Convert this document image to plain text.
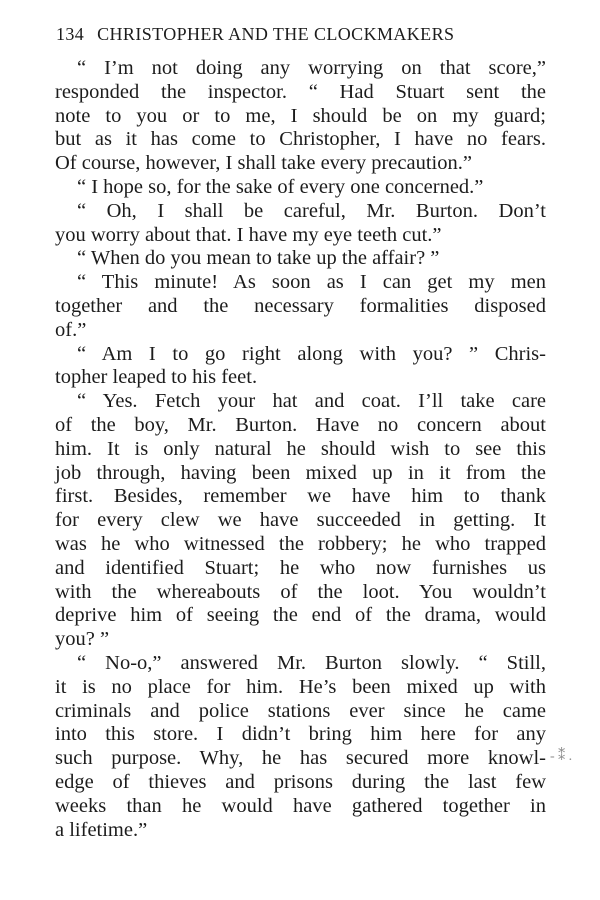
134 CHRISTOPHER AND THE CLOCKMAKERS
“ I’m not doing any worrying on that score,”
responded the inspector. “ Had Stuart sent the
note to you or to me, I should be on my guard;
but as it has come to Christopher, I have no fears.
Of course, however, I shall take every precaution.”
“ I hope so, for the sake of every one concerned.”
“ Oh, I shall be careful, Mr. Burton. Don’t
you worry about that. I have my eye teeth cut.”
“ When do you mean to take up the affair? ”
“ This minute! As soon as I can get my men
together and the necessary formalities disposed
of.”
“ Am I to go right along with you? ” Chris-
topher leaped to his feet.
“ Yes. Fetch your hat and coat. I’ll take care
of the boy, Mr. Burton. Have no concern about
him. It is only natural he should wish to see this
job through, having been mixed up in it from the
first. Besides, remember we have him to thank
for every clew we have succeeded in getting. It
was he who witnessed the robbery; he who trapped
and identified Stuart; he who now furnishes us
with the whereabouts of the loot. You wouldn’t
deprive him of seeing the end of the drama, would
you? ”
“ No-o,” answered Mr. Burton slowly. “ Still,
it is no place for him. He’s been mixed up with
criminals and police stations ever since he came
into this store. I didn’t bring him here for any
such purpose. Why, he has secured more knowl-
edge of thieves and prisons during the last few
weeks than he would have gathered together in
a lifetime.”
- ⁑ .
